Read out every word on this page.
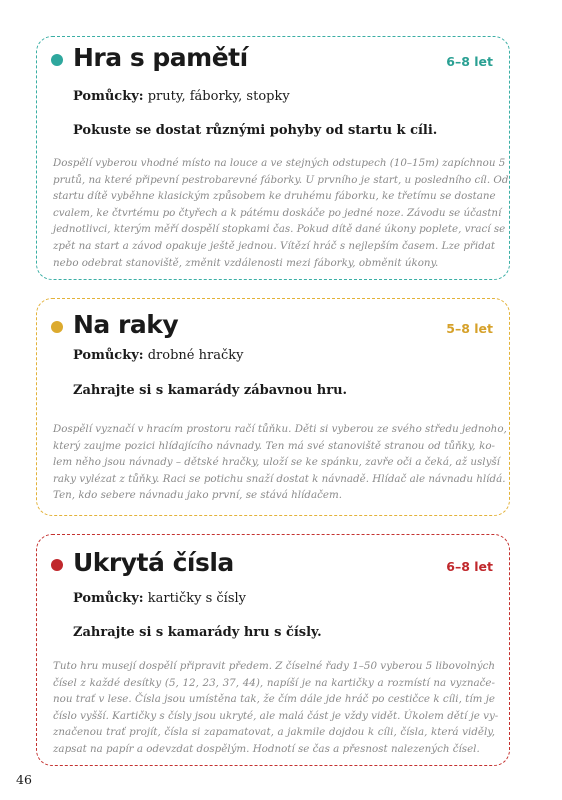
Hra s pamětí	6–8 let
Pomůcky: pruty, fáborky, stopky
Pokuste se dostat různými pohyby od startu k cíli.
Dospělí vyberou vhodné místo na louce a ve stejných odstupech (10–15m) zapíchnou 5
prutů, na které připevní pestrobarevné fáborky. U prvního je start, u posledního cíl. Od
startu dítě vyběhne klasickým způsobem ke druhému fáborku, ke třetímu se dostane
cvalem, ke čtvrtému po čtyřech a k pátému doskáče po jedné noze. Závodu se účastní
jednotlivci, kterým měří dospělí stopkami čas. Pokud dítě dané úkony poplete, vrací se
zpět na start a závod opakuje ještě jednou. Vítězí hráč s nejlepším časem. Lze přidat
nebo odebrat stanoviště, změnit vzdálenosti mezi fáborky, obměnit úkony.
Na raky	5–8 let
Pomůcky: drobné hračky
Zahrajte si s kamarády zábavnou hru.
Dospělí vyznačí v hracím prostoru račí tůňku. Děti si vyberou ze svého středu jednoho,
který zaujme pozici hlídajícího návnady. Ten má své stanoviště stranou od tůňky, ko-
lem něho jsou návnady – dětské hračky, uloží se ke spánku, zavře oči a čeká, až uslyší
raky vylézat z tůňky. Raci se potichu snaží dostat k návnadě. Hlídač ale návnadu hlídá.
Ten, kdo sebere návnadu jako první, se stává hlídačem.
Ukrytá čísla	6–8 let
Pomůcky: kartičky s čísly
Zahrajte si s kamarády hru s čísly.
Tuto hru musejí dospělí připravit předem. Z číselné řady 1–50 vyberou 5 libovolných
čísel z každé desítky (5, 12, 23, 37, 44), napíší je na kartičky a rozmístí na vyznače-
nou trať v lese. Čísla jsou umístěna tak, že čím dále jde hráč po cestičce k cíli, tím je
číslo vyšší. Kartičky s čísly jsou ukryté, ale malá část je vždy vidět. Úkolem dětí je vy-
značenou trať projít, čísla si zapamatovat, a jakmile dojdou k cíli, čísla, která viděly,
zapsat na papír a odevzdat dospělým. Hodnotí se čas a přesnost nalezených čísel.
46
